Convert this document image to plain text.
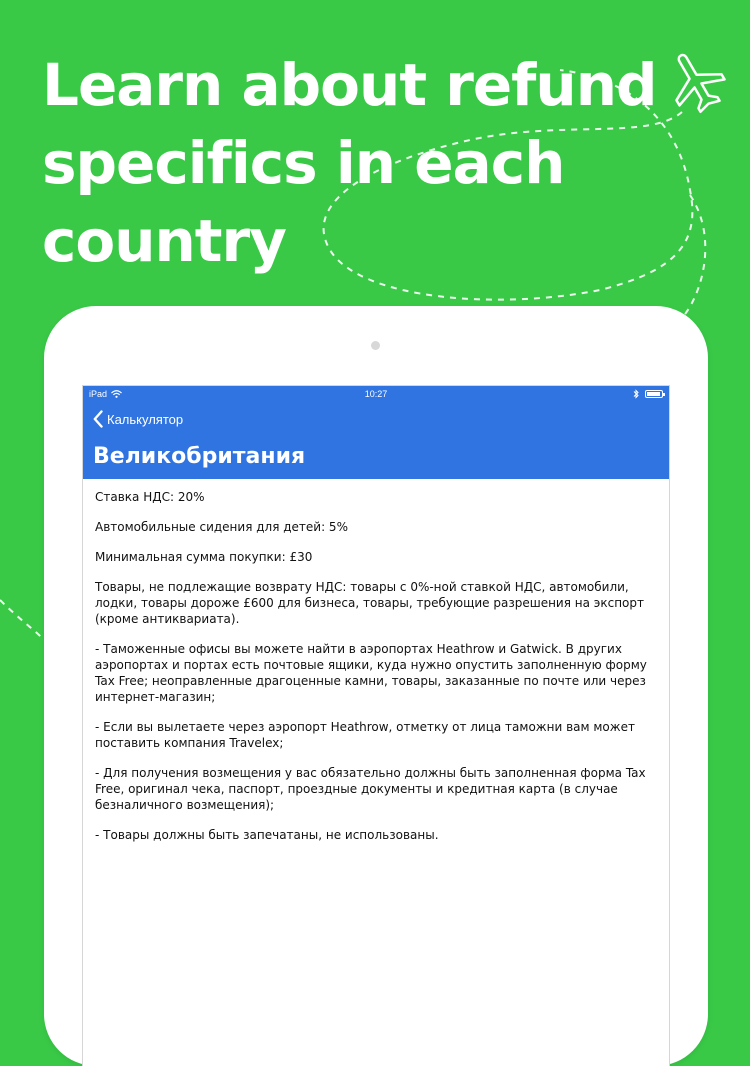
Learn about refund
specifics in each
country
iPad	10:27
Калькулятор
Великобритания

Ставка НДС: 20%

Автомобильные сидения для детей: 5%

Минимальная сумма покупки: £30

Товары, не подлежащие возврату НДС: товары с 0%-ной ставкой НДС, автомобили, лодки, товары дороже £600 для бизнеса, товары, требующие разрешения на экспорт (кроме антиквариата).

- Таможенные офисы вы можете найти в аэропортах Heathrow и Gatwick. В других аэропортах и портах есть почтовые ящики, куда нужно опустить заполненную форму Tax Free; неоправленные драгоценные камни, товары, заказанные по почте или через интернет-магазин;

- Если вы вылетаете через аэропорт Heathrow, отметку от лица таможни вам может поставить компания Travelex;

- Для получения возмещения у вас обязательно должны быть заполненная форма Tax Free, оригинал чека, паспорт, проездные документы и кредитная карта (в случае безналичного возмещения);

- Товары должны быть запечатаны, не использованы.
